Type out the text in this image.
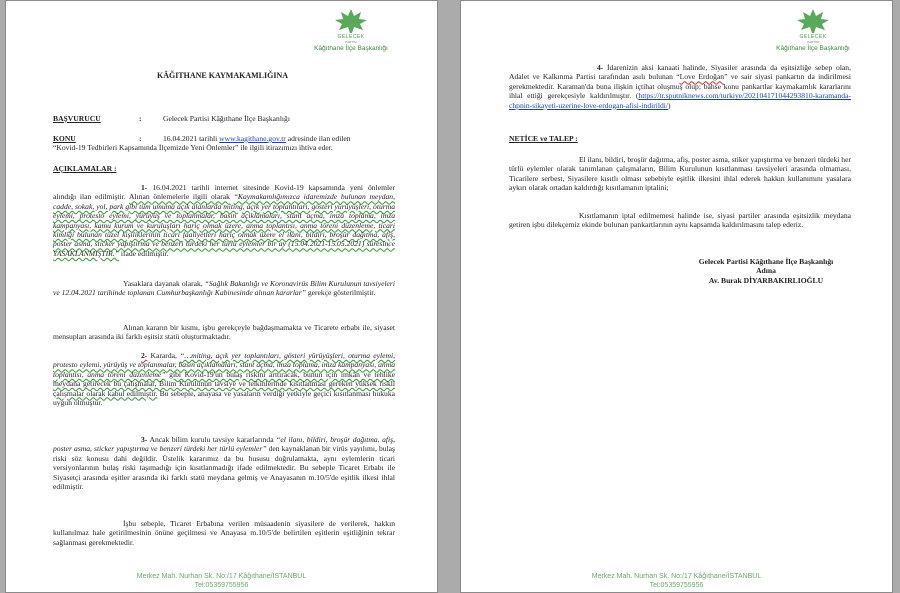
GELECEK
PARTİSİ
Kâğıthane İlçe Başkanlığı
KÂĞITHANE KAYMAKAMLIĞINA
BAŞVURUCU	:	Gelecek Partisi Kâğıthane İlçe Başkanlığı
KONU	:	16.04.2021 tarihli www.kagithane.gov.tr adresinde ilan edilen
“Kovid-19 Tedbirleri Kapsamında İlçemizde Yeni Önlemler” ile ilgili itirazımızı ihtiva eder.
AÇIKLAMALAR :
1- 16.04.2021 tarihli internet sitesinde Kovid-19 kapsamında yeni önlemler alındığı ilan edilmiştir. Alınan önlemelerle ilgili olarak “Kaymakamlığımızca idaremizde bulunan meydan, cadde, sokak, yol, park gibi tüm umuma açık alanlarda miting, açık yer toplantıları, gösteri yürüyüşleri, oturma eylemi, protesto eylemi, yürüyüş ve toplanmalar, basın açıklamaları, stant açma, imza toplama, imza kampanyası, kamu kurum ve kuruluşları hariç olmak üzere, anma toplantısı, anma töreni düzenleme, ticari kimliği bulunan tüzel kişiliklerinin ticari faaliyetleri hariç olmak üzere el ilanı, bildiri, broşür dağıtma, afiş, poster asma, sticker yapıştırma ve benzeri türdeki her türlü eylemler bir ay (15.04.2021-15.05.2021) süresince YASAKLANMIŞTIR.” ifade edilmiştir.
Yasaklara dayanak olarak, “Sağlık Bakanlığı ve Koronavirüs Bilim Kurulunun tavsiyeleri ve 12.04.2021 tarihinde toplanan Cumhurbaşkanlığı Kabinesinde alınan kararlar” gerekçe gösterilmiştir.
Alınan kararın bir kısmı, işbu gerekçeyle bağdaşmamakta ve Ticarete erbabı ile, siyaset mensupları arasında iki farklı eşitsiz statü oluşturmaktadır.
2- Kararda, “…miting, açık yer toplantıları, gösteri yürüyüşleri, oturma eylemi, protesto eylemi, yürüyüş ve toplanmalar, basın açıklamaları, stant açma, imza toplama, imza kampanyası, anma toplantısı, anma töreni düzenleme” gibi Kovid-19'un bulaş riskini arttıracak, bunun için imkân ve tehlike meydana getirecek bu çalışmalar, Bilim Kurulunun tavsiye ve telkinlerinde kısıtlanması gereken yüksek riskli çalışmalar olarak kabul edilmiştir. Bu sebeple, anayasa ve yasaların verdiği yetkiyle geçici kısıtlanması hukuka uygun olmuştur.
3- Ancak bilim kurulu tavsiye kararlarında “el ilanı, bildiri, broşür dağıtma, afiş, poster asma, sticker yapıştırma ve benzeri türdeki her türlü eylemler” den kaynaklanan bir virüs yayılımı, bulaş riski söz konusu dahi değildir. Üstelik kararımız da bu hususu doğrulamakta, aynı eylemlerin ticari versiyonlarının bulaş riski taşımadığı için kısıtlanmadığı ifade edilmektedir. Bu sebeple Ticaret Erbabı ile Siyasetçi arasında eşitler arasında iki farklı statü meydana gelmiş ve Anayasanın m.10/5'de eşitlik ilkesi ihlal edilmiştir.
İşbu sebeple, Ticaret Erbabına verilen müsaadenin siyasilere de verilerek, hakkın kullanılmaz hale getirilmesinin önüne geçilmesi ve Anayasa m.10/5'de belirtilen eşitlerin eşitliğinin tekrar sağlanması gerekmektedir.
Merkez Mah. Nurhan Sk. No:/17 Kâğıthane/İSTANBUL
Tel:05359755956
GELECEK
PARTİSİ
Kâğıthane İlçe Başkanlığı
4- İdarenizin aksi kanaati halinde, Siyasiler arasında da eşitsizliğe sebep olan, Adalet ve Kalkınma Partisi tarafından asılı bulunan “Love Erdoğan” ve sair siyasi pankartın da indirilmesi gerekmektedir. Karaman'da buna ilişkin içtihat oluşmuş olup; bahse konu pankartlar kaymakamlık kararlarını ihlal ettiği gerekçesiyle kaldırılmıştır. (https://tr.sputniknews.com/turkiye/202104171044293810-karamanda-chpnin-sikayeti-uzerine-love-erdogan-afisi-indirildi/)
NETİCE ve TALEP :
El ilanı, bildiri, broşür dağıtma, afiş, poster asma, stiker yapıştırma ve benzeri türdeki her türlü eylemler olarak tanımlanan çalışmaların, Bilim Kurulunun kısıtlanması tavsiyeleri arasında olmaması, Ticarilere serbest, Siyasilere kısıtlı olması sebebiyle eşitlik ilkesini ihlal ederek hakkın kullanımını yasalara aykırı olarak ortadan kaldırdığı kısıtlamanın iptalini;
Kısıtlamanın iptal edilmemesi halinde ise, siyasi partiler arasında eşitsizlik meydana getiren işbu dilekçemiz ekinde bulunan pankartlarının aynı kapsamda kaldırılmasını talep ederiz.
Gelecek Partisi Kâğıthane İlçe Başkanlığı
Adına
Av. Burak DİYARBAKIRLIOĞLU
Merkez Mah. Nurhan Sk. No:/17 Kâğıthane/İSTANBUL
Tel:05359755956
